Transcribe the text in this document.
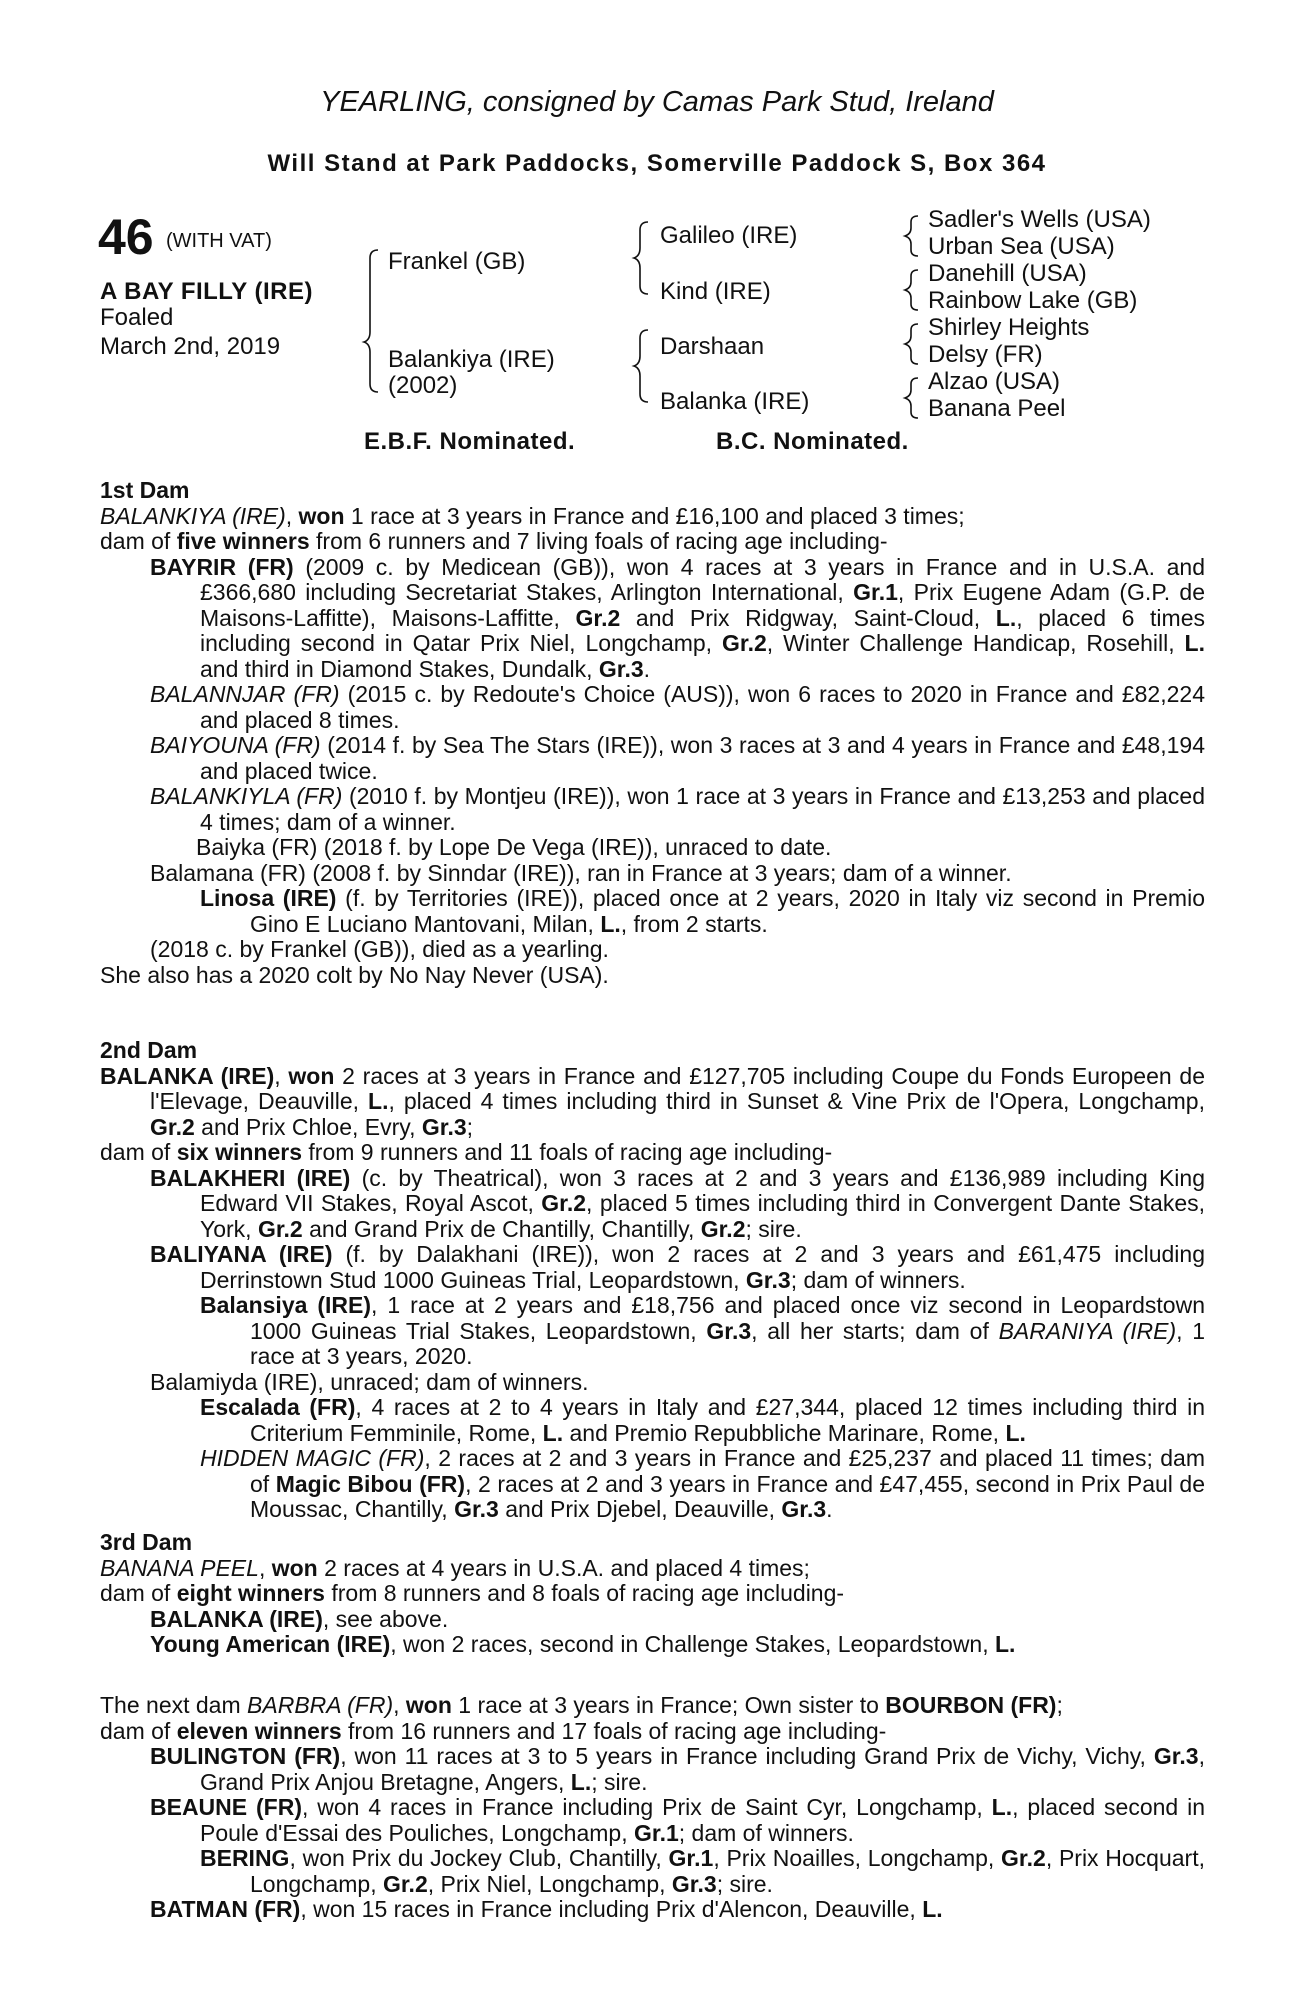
YEARLING, consigned by Camas Park Stud, Ireland
Will Stand at Park Paddocks, Somerville Paddock S, Box 364
46 (WITH VAT)
A BAY FILLY (IRE)
Foaled
March 2nd, 2019
Frankel (GB)
Balankiya (IRE)
(2002)
Galileo (IRE)
Kind (IRE)
Darshaan
Balanka (IRE)
Sadler's Wells (USA)
Urban Sea (USA)
Danehill (USA)
Rainbow Lake (GB)
Shirley Heights
Delsy (FR)
Alzao (USA)
Banana Peel
E.B.F. Nominated.	B.C. Nominated.

1st Dam

BALANKIYA (IRE), won 1 race at 3 years in France and £16,100 and placed 3 times;

dam of five winners from 6 runners and 7 living foals of racing age including-

BAYRIR (FR) (2009 c. by Medicean (GB)), won 4 races at 3 years in France and in U.S.A. and £366,680 including Secretariat Stakes, Arlington International, Gr.1, Prix Eugene Adam (G.P. de Maisons-Laffitte), Maisons-Laffitte, Gr.2 and Prix Ridgway, Saint-Cloud, L., placed 6 times including second in Qatar Prix Niel, Longchamp, Gr.2, Winter Challenge Handicap, Rosehill, L. and third in Diamond Stakes, Dundalk, Gr.3.

BALANNJAR (FR) (2015 c. by Redoute's Choice (AUS)), won 6 races to 2020 in France and £82,224 and placed 8 times.

BAIYOUNA (FR) (2014 f. by Sea The Stars (IRE)), won 3 races at 3 and 4 years in France and £48,194 and placed twice.

BALANKIYLA (FR) (2010 f. by Montjeu (IRE)), won 1 race at 3 years in France and £13,253 and placed 4 times; dam of a winner.

Baiyka (FR) (2018 f. by Lope De Vega (IRE)), unraced to date.

Balamana (FR) (2008 f. by Sinndar (IRE)), ran in France at 3 years; dam of a winner.

Linosa (IRE) (f. by Territories (IRE)), placed once at 2 years, 2020 in Italy viz second in Premio Gino E Luciano Mantovani, Milan, L., from 2 starts.

(2018 c. by Frankel (GB)), died as a yearling.

She also has a 2020 colt by No Nay Never (USA).

2nd Dam

BALANKA (IRE), won 2 races at 3 years in France and £127,705 including Coupe du Fonds Europeen de l'Elevage, Deauville, L., placed 4 times including third in Sunset & Vine Prix de l'Opera, Longchamp, Gr.2 and Prix Chloe, Evry, Gr.3;

dam of six winners from 9 runners and 11 foals of racing age including-

BALAKHERI (IRE) (c. by Theatrical), won 3 races at 2 and 3 years and £136,989 including King Edward VII Stakes, Royal Ascot, Gr.2, placed 5 times including third in Convergent Dante Stakes, York, Gr.2 and Grand Prix de Chantilly, Chantilly, Gr.2; sire.

BALIYANA (IRE) (f. by Dalakhani (IRE)), won 2 races at 2 and 3 years and £61,475 including Derrinstown Stud 1000 Guineas Trial, Leopardstown, Gr.3; dam of winners.

Balansiya (IRE), 1 race at 2 years and £18,756 and placed once viz second in Leopardstown 1000 Guineas Trial Stakes, Leopardstown, Gr.3, all her starts; dam of BARANIYA (IRE), 1 race at 3 years, 2020.

Balamiyda (IRE), unraced; dam of winners.

Escalada (FR), 4 races at 2 to 4 years in Italy and £27,344, placed 12 times including third in Criterium Femminile, Rome, L. and Premio Repubbliche Marinare, Rome, L.

HIDDEN MAGIC (FR), 2 races at 2 and 3 years in France and £25,237 and placed 11 times; dam of Magic Bibou (FR), 2 races at 2 and 3 years in France and £47,455, second in Prix Paul de Moussac, Chantilly, Gr.3 and Prix Djebel, Deauville, Gr.3.

3rd Dam

BANANA PEEL, won 2 races at 4 years in U.S.A. and placed 4 times;

dam of eight winners from 8 runners and 8 foals of racing age including-

BALANKA (IRE), see above.

Young American (IRE), won 2 races, second in Challenge Stakes, Leopardstown, L.

The next dam BARBRA (FR), won 1 race at 3 years in France; Own sister to BOURBON (FR);

dam of eleven winners from 16 runners and 17 foals of racing age including-

BULINGTON (FR), won 11 races at 3 to 5 years in France including Grand Prix de Vichy, Vichy, Gr.3, Grand Prix Anjou Bretagne, Angers, L.; sire.

BEAUNE (FR), won 4 races in France including Prix de Saint Cyr, Longchamp, L., placed second in Poule d'Essai des Pouliches, Longchamp, Gr.1; dam of winners.

BERING, won Prix du Jockey Club, Chantilly, Gr.1, Prix Noailles, Longchamp, Gr.2, Prix Hocquart, Longchamp, Gr.2, Prix Niel, Longchamp, Gr.3; sire.

BATMAN (FR), won 15 races in France including Prix d'Alencon, Deauville, L.
